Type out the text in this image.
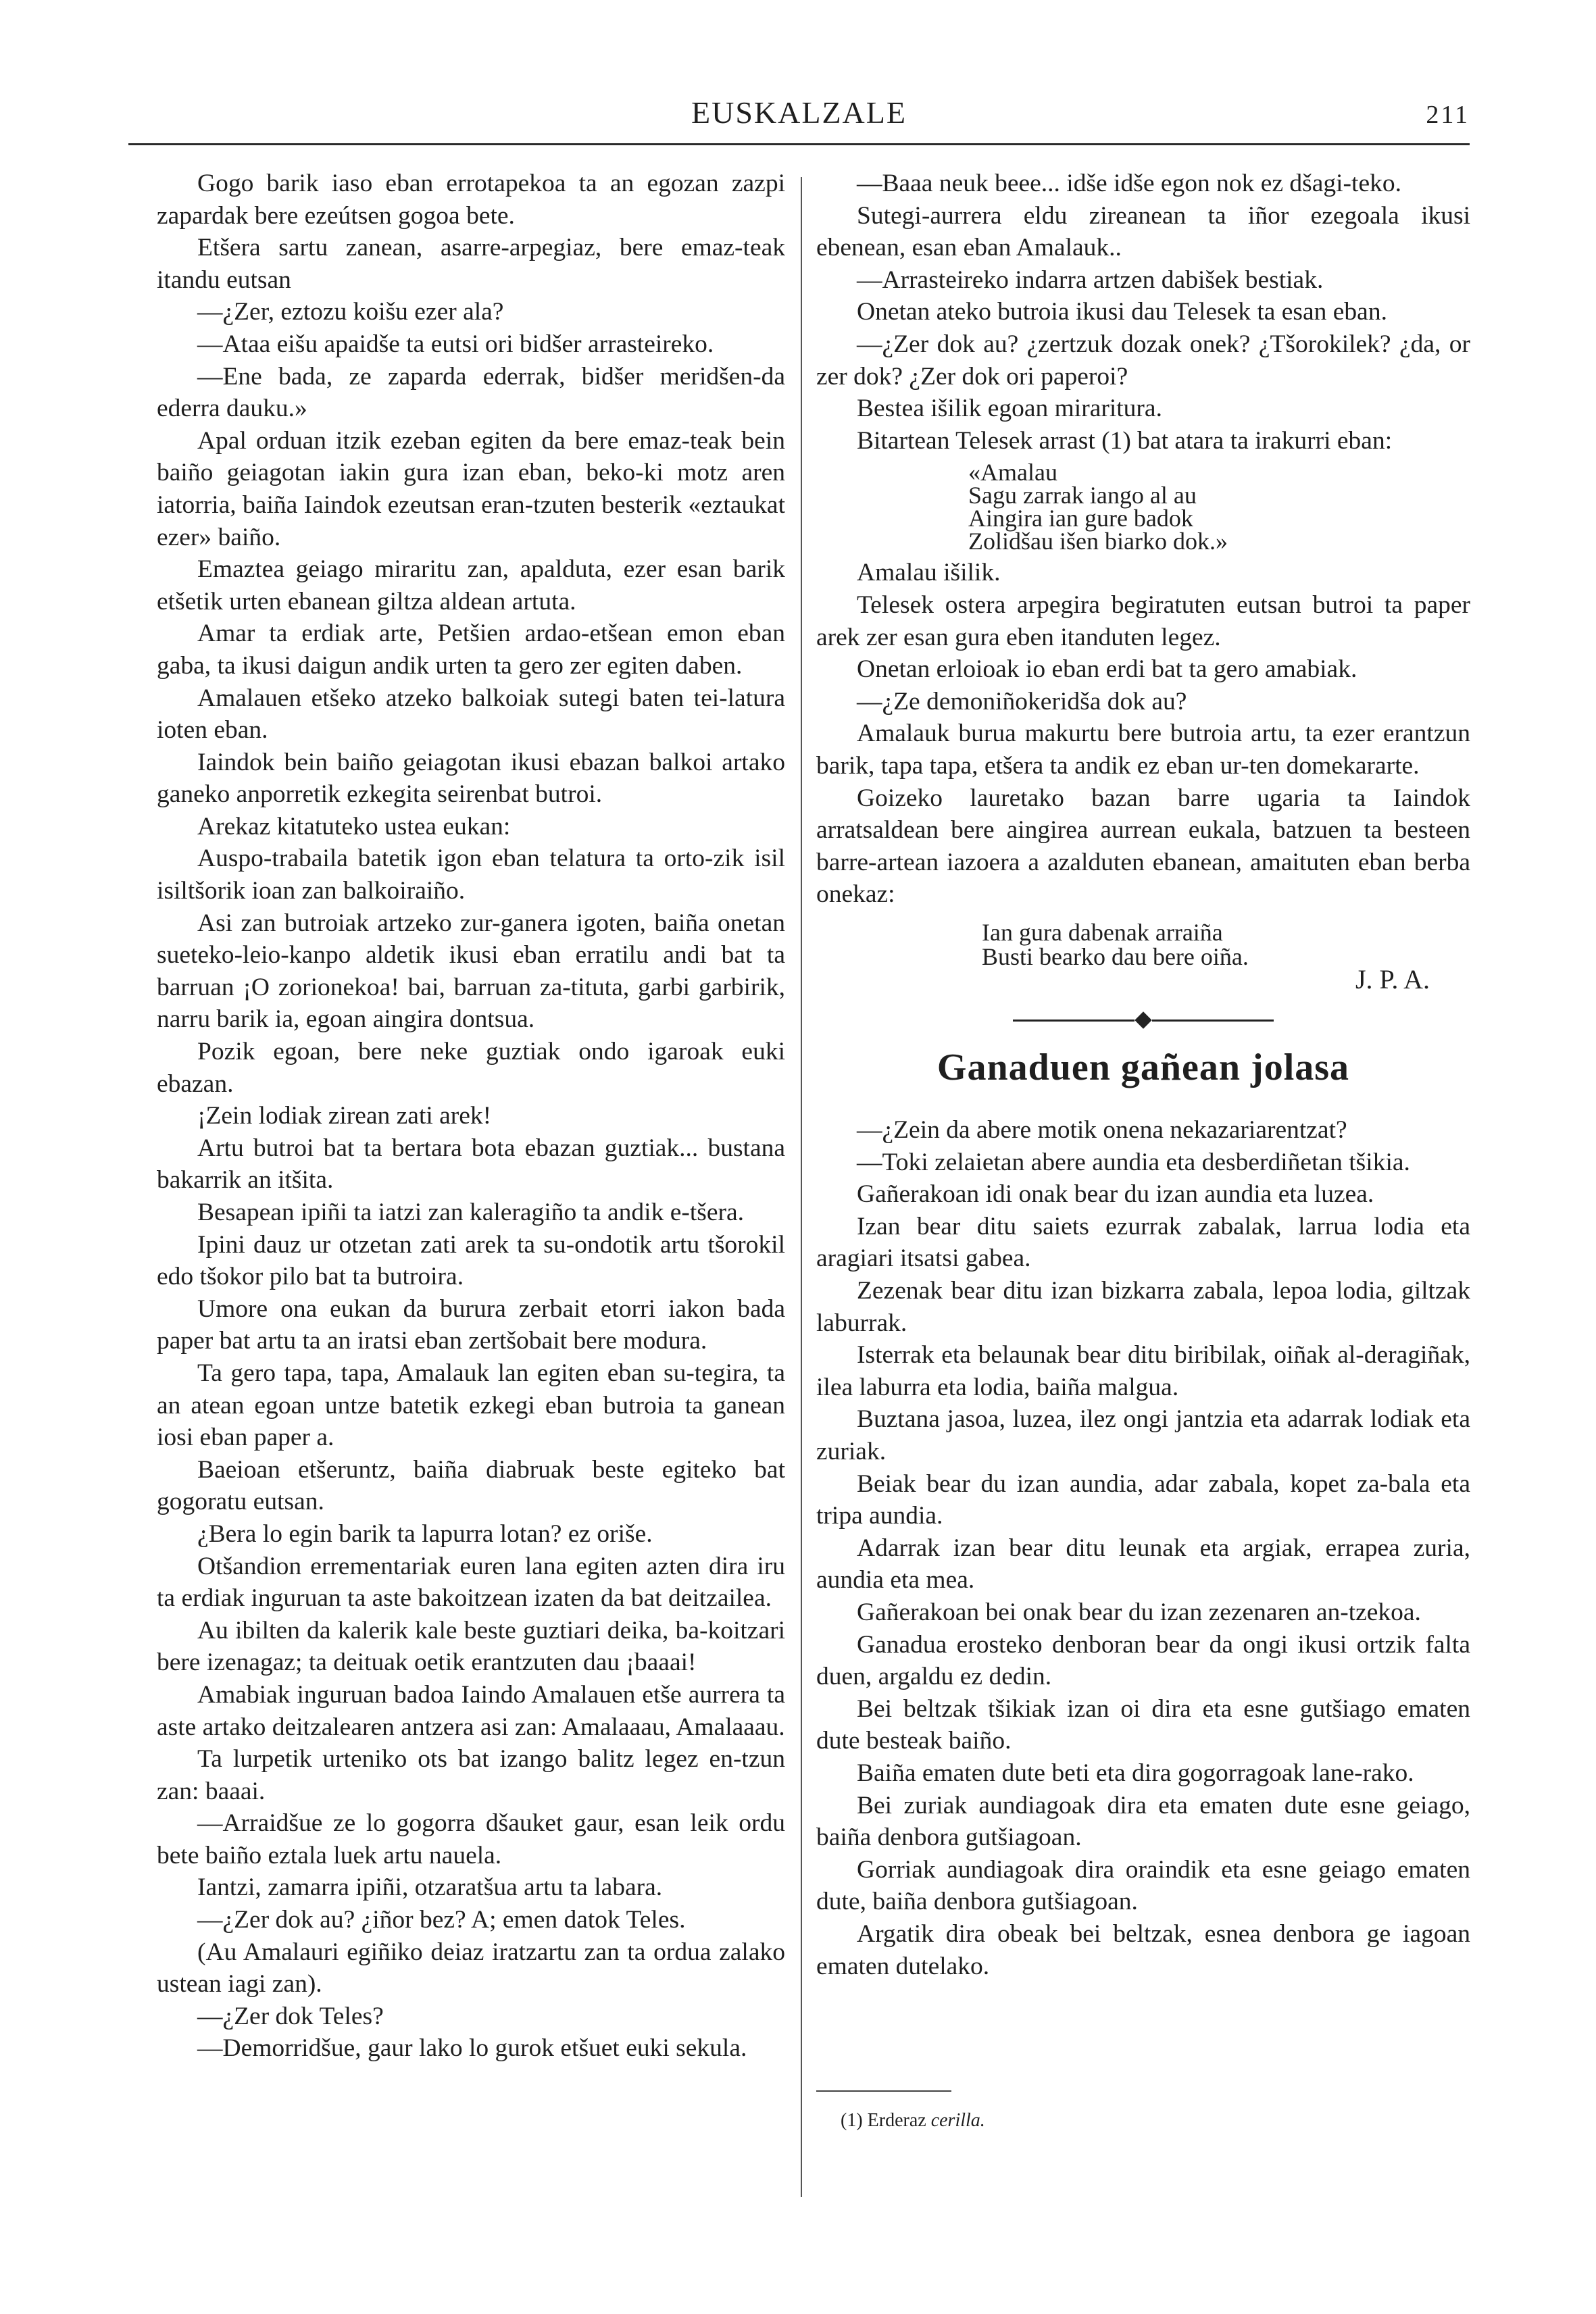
EUSKALZALE	211

Gogo barik iaso eban errotapekoa ta an egozan zazpi zapardak bere ezeútsen gogoa bete.

Etšera sartu zanean, asarre-arpegiaz, bere emaz-teak itandu eutsan

—¿Zer, eztozu koišu ezer ala?

—Ataa eišu apaidše ta eutsi ori bidšer arrasteireko.

—Ene bada, ze zaparda ederrak, bidšer meridšen-da ederra dauku.»

Apal orduan itzik ezeban egiten da bere emaz-teak bein baiño geiagotan iakin gura izan eban, beko-ki motz aren iatorria, baiña Iaindok ezeutsan eran-tzuten besterik «eztaukat ezer» baiño.

Emaztea geiago miraritu zan, apalduta, ezer esan barik etšetik urten ebanean giltza aldean artuta.

Amar ta erdiak arte, Petšien ardao-etšean emon eban gaba, ta ikusi daigun andik urten ta gero zer egiten daben.

Amalauen etšeko atzeko balkoiak sutegi baten tei-latura ioten eban.

Iaindok bein baiño geiagotan ikusi ebazan balkoi artako ganeko anporretik ezkegita seirenbat butroi.

Arekaz kitatuteko ustea eukan:

Auspo-trabaila batetik igon eban telatura ta orto-zik isil isiltšorik ioan zan balkoiraiño.

Asi zan butroiak artzeko zur-ganera igoten, baiña onetan sueteko-leio-kanpo aldetik ikusi eban erratilu andi bat ta barruan ¡O zorionekoa! bai, barruan za-tituta, garbi garbirik, narru barik ia, egoan aingira dontsua.

Pozik egoan, bere neke guztiak ondo igaroak euki ebazan.

¡Zein lodiak zirean zati arek!

Artu butroi bat ta bertara bota ebazan guztiak... bustana bakarrik an itšita.

Besapean ipiñi ta iatzi zan kaleragiño ta andik e-tšera.

Ipini dauz ur otzetan zati arek ta su-ondotik artu tšorokil edo tšokor pilo bat ta butroira.

Umore ona eukan da burura zerbait etorri iakon bada paper bat artu ta an iratsi eban zertšobait bere modura.

Ta gero tapa, tapa, Amalauk lan egiten eban su-tegira, ta an atean egoan untze batetik ezkegi eban butroia ta ganean iosi eban paper a.

Baeioan etšeruntz, baiña diabruak beste egiteko bat gogoratu eutsan.

¿Bera lo egin barik ta lapurra lotan? ez oriše.

Otšandion errementariak euren lana egiten azten dira iru ta erdiak inguruan ta aste bakoitzean izaten da bat deitzailea.

Au ibilten da kalerik kale beste guztiari deika, ba-koitzari bere izenagaz; ta deituak oetik erantzuten dau ¡baaai!

Amabiak inguruan badoa Iaindo Amalauen etše aurrera ta aste artako deitzalearen antzera asi zan: Amalaaau, Amalaaau.

Ta lurpetik urteniko ots bat izango balitz legez en-tzun zan: baaai.

—Arraidšue ze lo gogorra dšauket gaur, esan leik ordu bete baiño eztala luek artu nauela.

Iantzi, zamarra ipiñi, otzaratšua artu ta labara.

—¿Zer dok au? ¿iñor bez? A; emen datok Teles.

(Au Amalauri egiñiko deiaz iratzartu zan ta ordua zalako ustean iagi zan).

—¿Zer dok Teles?

—Demorridšue, gaur lako lo gurok etšuet euki sekula.

—Baaa neuk beee... idše idše egon nok ez dšagi-teko.

Sutegi-aurrera eldu zireanean ta iñor ezegoala ikusi ebenean, esan eban Amalauk..

—Arrasteireko indarra artzen dabišek bestiak.

Onetan ateko butroia ikusi dau Telesek ta esan eban.

—¿Zer dok au? ¿zertzuk dozak onek? ¿Tšorokilek? ¿da, or zer dok? ¿Zer dok ori paperoi?

Bestea išilik egoan miraritura.

Bitartean Telesek arrast (1) bat atara ta irakurri eban:

«Amalau
Sagu zarrak iango al au
Aingira ian gure badok
Zolidšau išen biarko dok.»

Amalau išilik.

Telesek ostera arpegira begiratuten eutsan butroi ta paper arek zer esan gura eben itanduten legez.

Onetan erloioak io eban erdi bat ta gero amabiak.

—¿Ze demoniñokeridša dok au?

Amalauk burua makurtu bere butroia artu, ta ezer erantzun barik, tapa tapa, etšera ta andik ez eban ur-ten domekararte.

Goizeko lauretako bazan barre ugaria ta Iaindok arratsaldean bere aingirea aurrean eukala, batzuen ta besteen barre-artean iazoera a azalduten ebanean, amaituten eban berba onekaz:

Ian gura dabenak arraiña
Busti bearko dau bere oiña.
J. P. A.
Ganaduen gañean jolasa

—¿Zein da abere motik onena nekazariarentzat?

—Toki zelaietan abere aundia eta desberdiñetan tšikia.

Gañerakoan idi onak bear du izan aundia eta luzea.

Izan bear ditu saiets ezurrak zabalak, larrua lodia eta aragiari itsatsi gabea.

Zezenak bear ditu izan bizkarra zabala, lepoa lodia, giltzak laburrak.

Isterrak eta belaunak bear ditu biribilak, oiñak al-deragiñak, ilea laburra eta lodia, baiña malgua.

Buztana jasoa, luzea, ilez ongi jantzia eta adarrak lodiak eta zuriak.

Beiak bear du izan aundia, adar zabala, kopet za-bala eta tripa aundia.

Adarrak izan bear ditu leunak eta argiak, errapea zuria, aundia eta mea.

Gañerakoan bei onak bear du izan zezenaren an-tzekoa.

Ganadua erosteko denboran bear da ongi ikusi ortzik falta duen, argaldu ez dedin.

Bei beltzak tšikiak izan oi dira eta esne gutšiago ematen dute besteak baiño.

Baiña ematen dute beti eta dira gogorragoak lane-rako.

Bei zuriak aundiagoak dira eta ematen dute esne geiago, baiña denbora gutšiagoan.

Gorriak aundiagoak dira oraindik eta esne geiago ematen dute, baiña denbora gutšiagoan.

Argatik dira obeak bei beltzak, esnea denbora ge iagoan ematen dutelako.

(1) Erderaz cerilla.
